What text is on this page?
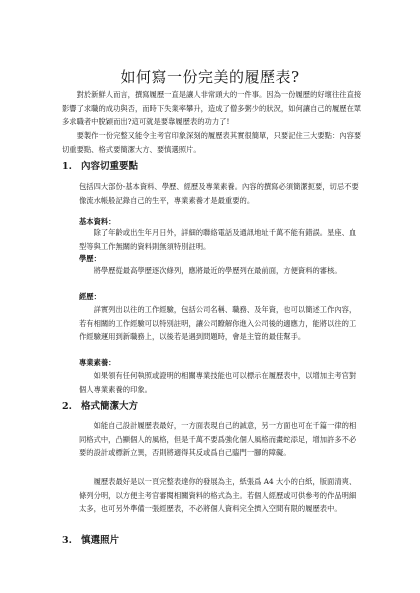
如何寫一份完美的履歷表?

對於新鮮人而言，撰寫履歷一直是讓人非常頭大的一件事。因為一份履歷的好壞往往直接影響了求職的成功與否，而時下失業率攀升，造成了僧多粥少的狀況，如何讓自己的履歷在眾多求職者中脫穎而出?這可就是要靠履歷表的功力了!

要製作一份完整又能令主考官印象深刻的履歷表其實很簡單，只要記住三大要點：內容要切重要點、格式要簡潔大方、要慎選照片。

1. 內容切重要點

包括四大部份-基本資料、學歷、經歷及專業素養。內容的撰寫必須簡潔扼要，切忌不要像流水帳般記錄自己的生平，專業素養才是最重要的。

基本資料：

除了年齡或出生年月日外，詳細的聯絡電話及通訊地址千萬不能有錯誤。星座、血型等與工作無關的資料則無須特別註明。

學歷：

將學歷從最高學歷逐次條列，應將最近的學歷列在最前面，方便資料的審核。

經歷：

詳實列出以往的工作經驗，包括公司名稱、職務、及年資，也可以簡述工作內容，若有相關的工作經驗可以特別註明，讓公司瞭解你進入公司後的適應力，能將以往的工作經驗運用到新職務上，以後若是遇到問題時，會是主管的最佳幫手。

專業素養：

如果領有任何執照或證明的相關專業技能也可以標示在履歷表中，以增加主考官對個人專業素養的印象。

2. 格式簡潔大方

如能自己設計履歷表最好，一方面表現自己的誠意，另一方面也可在千篇一律的相同格式中，凸顯個人的風格，但是千萬不要爲強化個人風格而畫蛇添足，增加許多不必要的設計或標新立異，否則將適得其反或爲自己臨門一腳的障礙。

履歷表最好是以一頁完整表達你的發展為主，紙張爲 A4 大小的白紙，版面清爽、條列分明，以方便主考官審閱相關資料的格式為主。若個人經歷或可供參考的作品明細太多，也可另外準備一張經歷表，不必將個人資料完全擠入空間有限的履歷表中。

3. 慎選照片
